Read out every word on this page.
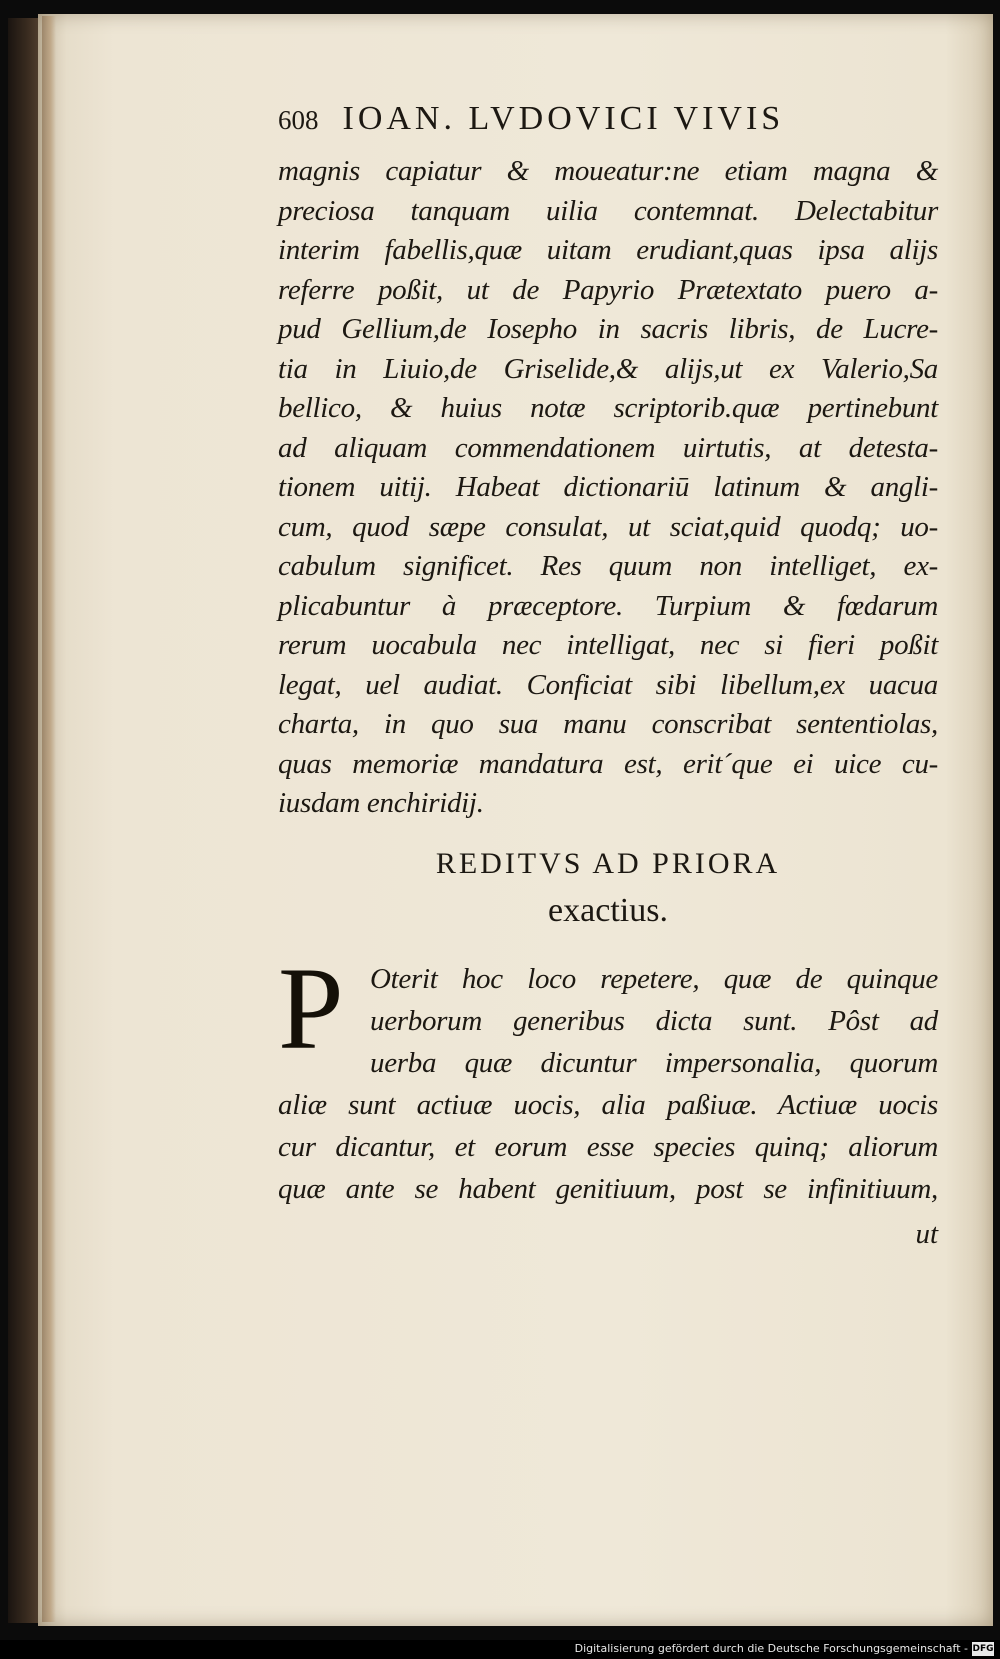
608 IOAN. LVDOVICI VIVIS
magnis capiatur & moueatur:ne etiam magna &
preciosa tanquam uilia contemnat. Delectabitur
interim fabellis,quæ uitam erudiant,quas ipsa alijs
referre poßit, ut de Papyrio Prætextato puero a-
pud Gellium,de Iosepho in sacris libris, de Lucre-
tia in Liuio,de Griselide,& alijs,ut ex Valerio,Sa
bellico, & huius notæ scriptorib.quæ pertinebunt
ad aliquam commendationem uirtutis, at detesta-
tionem uitij. Habeat dictionariū latinum & angli-
cum, quod sæpe consulat, ut sciat,quid quodq; uo-
cabulum significet. Res quum non intelliget, ex-
plicabuntur à præceptore. Turpium & fœdarum
rerum uocabula nec intelligat, nec si fieri poßit
legat, uel audiat. Conficiat sibi libellum,ex uacua
charta, in quo sua manu conscribat sententiolas,
quas memoriæ mandatura est, erit´que ei uice cu-
iusdam enchiridij.
REDITVS AD PRIORA
exactius.
P Oterit hoc loco repetere, quæ de quinque
uerborum generibus dicta sunt. Pôst ad
uerba quæ dicuntur impersonalia, quorum
aliæ sunt actiuæ uocis, alia paßiuæ. Actiuæ uocis
cur dicantur, et eorum esse species quinq; aliorum
quæ ante se habent genitiuum, post se infinitiuum,
ut
Digitalisierung gefördert durch die Deutsche Forschungsgemeinschaft - DFG
